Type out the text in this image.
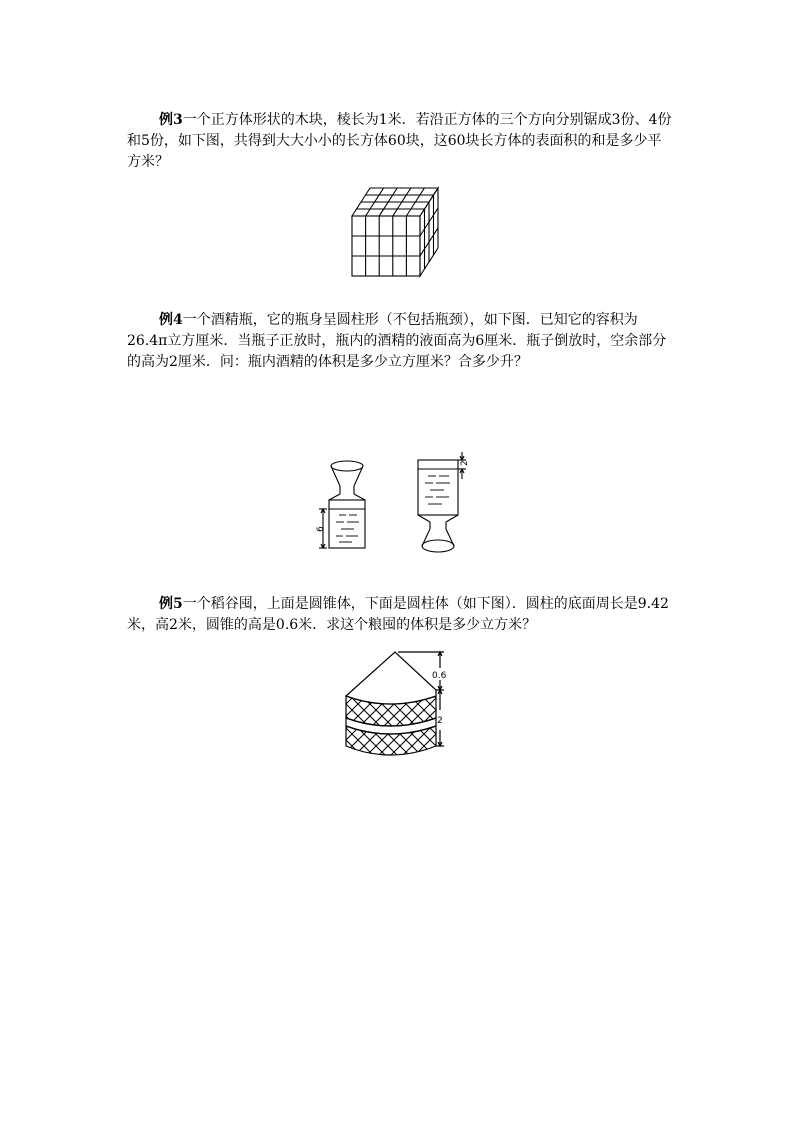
例3一个正方体形状的木块，棱长为1米．若沿正方体的三个方向分别锯成3份、4份和5份，如下图，共得到大大小小的长方体60块，这60块长方体的表面积的和是多少平方米？

例4一个酒精瓶，它的瓶身呈圆柱形（不包括瓶颈），如下图．已知它的容积为26.4π立方厘米．当瓶子正放时，瓶内的酒精的液面高为6厘米．瓶子倒放时，空余部分的高为2厘米．问：瓶内酒精的体积是多少立方厘米？合多少升？

6
2

例5一个稻谷囤，上面是圆锥体，下面是圆柱体（如下图）．圆柱的底面周长是9.42米，高2米，圆锥的高是0.6米．求这个粮囤的体积是多少立方米？

0.6
2
